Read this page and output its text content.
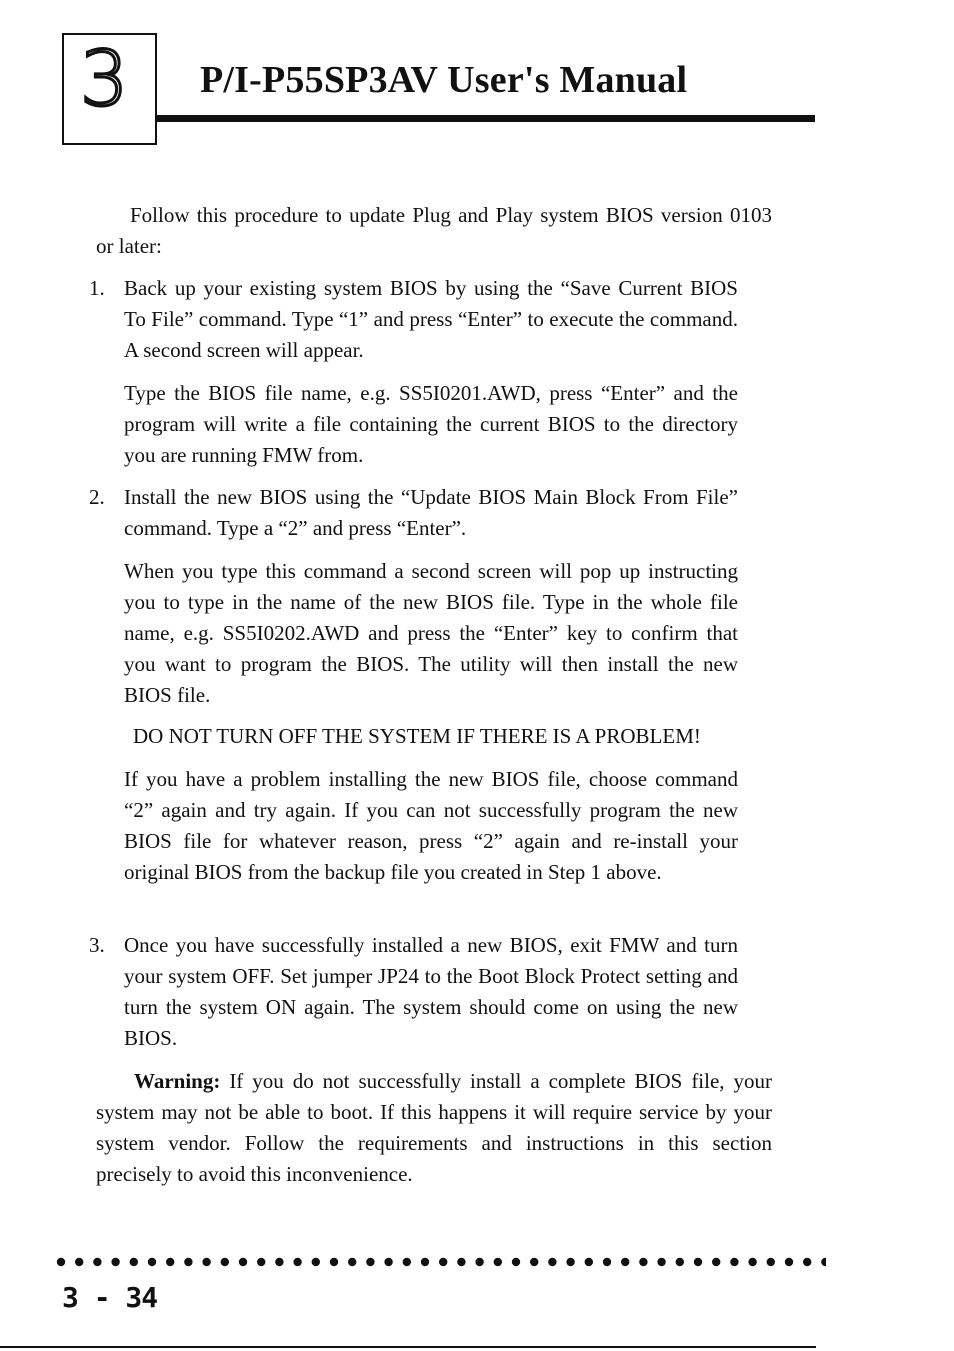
3 P/I-P55SP3AV User's Manual

Follow this procedure to update Plug and Play system BIOS version 0103 or later:

1. Back up your existing system BIOS by using the “Save Current BIOS To File” command. Type “1” and press “Enter” to execute the command. A second screen will appear.

Type the BIOS file name, e.g. SS5I0201.AWD, press “Enter” and the program will write a file containing the current BIOS to the directory you are running FMW from.

2. Install the new BIOS using the “Update BIOS Main Block From File” command. Type a “2” and press “Enter”.

When you type this command a second screen will pop up instructing you to type in the name of the new BIOS file. Type in the whole file name, e.g. SS5I0202.AWD and press the “Enter” key to confirm that you want to program the BIOS. The utility will then install the new BIOS file.

DO NOT TURN OFF THE SYSTEM IF THERE IS A PROBLEM!

If you have a problem installing the new BIOS file, choose command “2” again and try again. If you can not successfully program the new BIOS file for whatever reason, press “2” again and re-install your original BIOS from the backup file you created in Step 1 above.

3. Once you have successfully installed a new BIOS, exit FMW and turn your system OFF. Set jumper JP24 to the Boot Block Protect setting and turn the system ON again. The system should come on using the new BIOS.

Warning: If you do not successfully install a complete BIOS file, your system may not be able to boot. If this happens it will require service by your system vendor. Follow the requirements and instructions in this section precisely to avoid this inconvenience.

3 - 34
